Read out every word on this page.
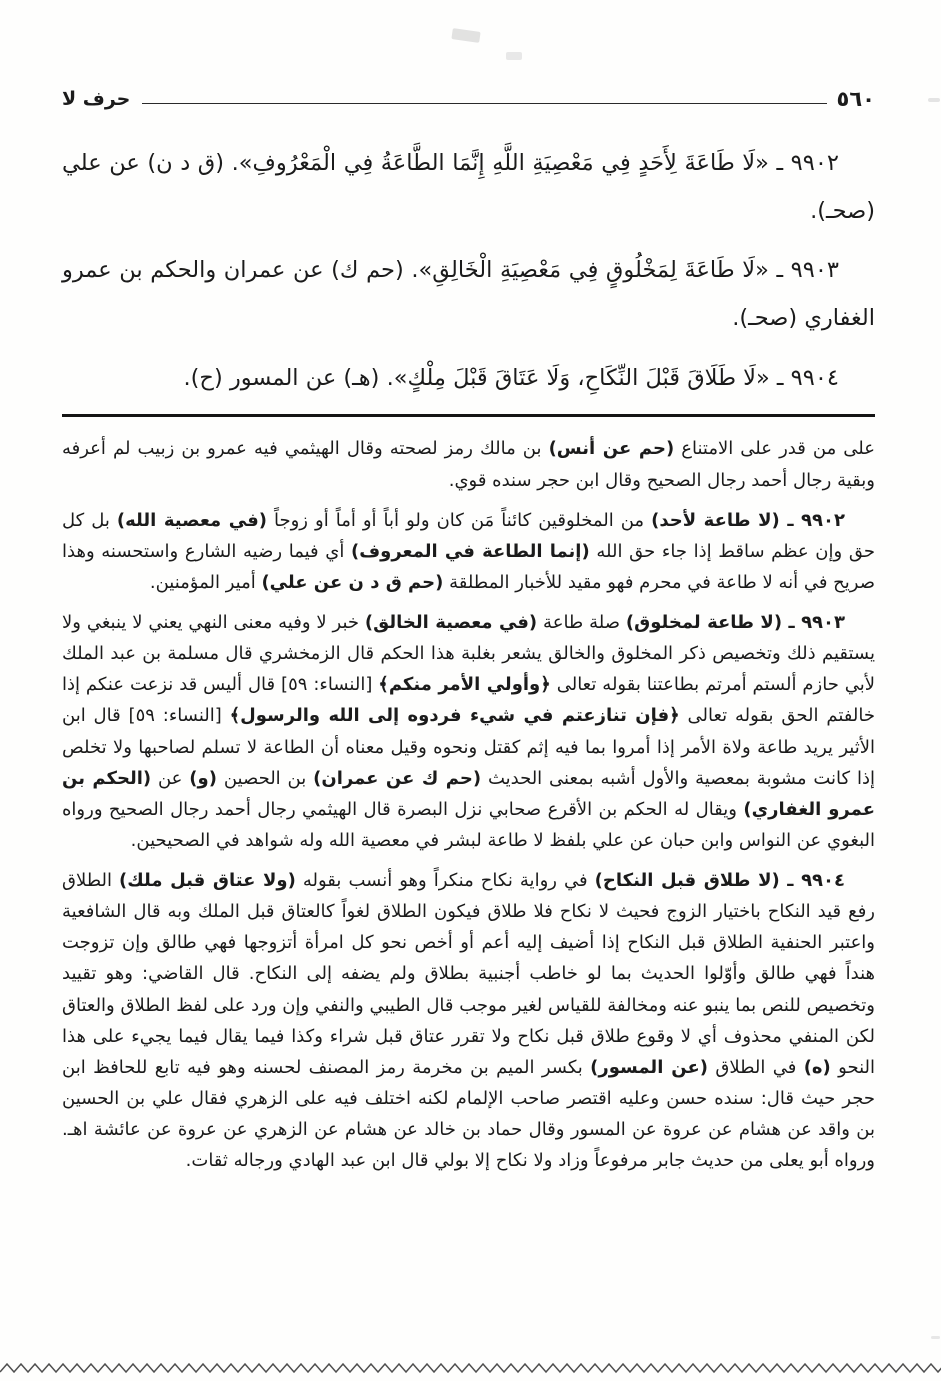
٥٦٠
حرف لا

٩٩٠٢ ـ «لَا طَاعَةَ لِأَحَدٍ فِي مَعْصِيَةِ اللَّهِ إِنَّمَا الطَّاعَةُ فِي الْمَعْرُوفِ». (ق د ن) عن علي (صحـ).

٩٩٠٣ ـ «لَا طَاعَةَ لِمَخْلُوقٍ فِي مَعْصِيَةِ الْخَالِقِ». (حم ك) عن عمران والحكم بن عمرو الغفاري (صحـ).

٩٩٠٤ ـ «لَا طَلَاقَ قَبْلَ النِّكَاحِ، وَلَا عَتَاقَ قَبْلَ مِلْكٍ». (هـ) عن المسور (ح).

على من قدر على الامتناع (حم عن أنس) بن مالك رمز لصحته وقال الهيثمي فيه عمرو بن زبيب لم أعرفه وبقية رجال أحمد رجال الصحيح وقال ابن حجر سنده قوي.

٩٩٠٢ ـ (لا طاعة لأحد) من المخلوقين كائناً مَن كان ولو أباً أو أماً أو زوجاً (في معصية الله) بل كل حق وإن عظم ساقط إذا جاء حق الله (إنما الطاعة في المعروف) أي فيما رضيه الشارع واستحسنه وهذا صريح في أنه لا طاعة في محرم فهو مقيد للأخبار المطلقة (حم ق د ن عن علي) أمير المؤمنين.

٩٩٠٣ ـ (لا طاعة لمخلوق) صلة طاعة (في معصية الخالق) خبر لا وفيه معنى النهي يعني لا ينبغي ولا يستقيم ذلك وتخصيص ذكر المخلوق والخالق يشعر بغلبة هذا الحكم قال الزمخشري قال مسلمة بن عبد الملك لأبي حازم ألستم أمرتم بطاعتنا بقوله تعالى ﴿وأولي الأمر منكم﴾ [النساء: ٥٩] قال أليس قد نزعت عنكم إذا خالفتم الحق بقوله تعالى ﴿فإن تنازعتم في شيء فردوه إلى الله والرسول﴾ [النساء: ٥٩] قال ابن الأثير يريد طاعة ولاة الأمر إذا أمروا بما فيه إثم كقتل ونحوه وقيل معناه أن الطاعة لا تسلم لصاحبها ولا تخلص إذا كانت مشوبة بمعصية والأول أشبه بمعنى الحديث (حم ك عن عمران) بن الحصين (و) عن (الحكم بن عمرو الغفاري) ويقال له الحكم بن الأقرع صحابي نزل البصرة قال الهيثمي رجال أحمد رجال الصحيح ورواه البغوي عن النواس وابن حبان عن علي بلفظ لا طاعة لبشر في معصية الله وله شواهد في الصحيحين.

٩٩٠٤ ـ (لا طلاق قبل النكاح) في رواية نكاح منكراً وهو أنسب بقوله (ولا عتاق قبل ملك) الطلاق رفع قيد النكاح باختيار الزوج فحيث لا نكاح فلا طلاق فيكون الطلاق لغواً كالعتاق قبل الملك وبه قال الشافعية واعتبر الحنفية الطلاق قبل النكاح إذا أضيف إليه أعم أو أخص نحو كل امرأة أتزوجها فهي طالق وإن تزوجت هنداً فهي طالق وأوّلوا الحديث بما لو خاطب أجنبية بطلاق ولم يضفه إلى النكاح. قال القاضي: وهو تقييد وتخصيص للنص بما ينبو عنه ومخالفة للقياس لغير موجب قال الطيبي والنفي وإن ورد على لفظ الطلاق والعتاق لكن المنفي محذوف أي لا وقوع طلاق قبل نكاح ولا تقرر عتاق قبل شراء وكذا فيما يقال فيما يجيء على هذا النحو (ه) في الطلاق (عن المسور) بكسر الميم بن مخرمة رمز المصنف لحسنه وهو فيه تابع للحافظ ابن حجر حيث قال: سنده حسن وعليه اقتصر صاحب الإلمام لكنه اختلف فيه على الزهري فقال علي بن الحسين بن واقد عن هشام عن عروة عن المسور وقال حماد بن خالد عن هشام عن الزهري عن عروة عن عائشة اهـ. ورواه أبو يعلى من حديث جابر مرفوعاً وزاد ولا نكاح إلا بولي قال ابن عبد الهادي ورجاله ثقات.
